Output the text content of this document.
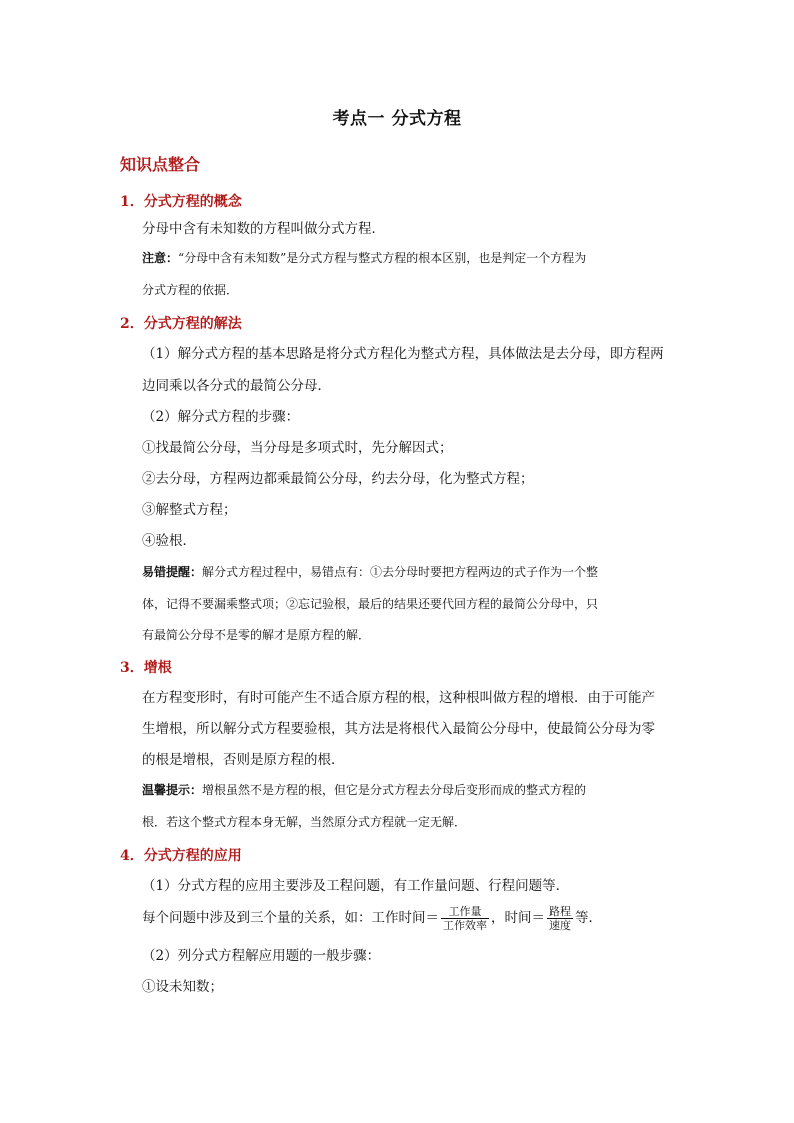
考点一 分式方程
知识点整合
1．分式方程的概念
分母中含有未知数的方程叫做分式方程．
注意：“分母中含有未知数”是分式方程与整式方程的根本区别，也是判定一个方程为
分式方程的依据．
2．分式方程的解法
（1）解分式方程的基本思路是将分式方程化为整式方程，具体做法是去分母，即方程两
边同乘以各分式的最简公分母．
（2）解分式方程的步骤：
①找最简公分母，当分母是多项式时，先分解因式；
②去分母，方程两边都乘最简公分母，约去分母，化为整式方程；
③解整式方程；
④验根．
易错提醒：解分式方程过程中，易错点有：①去分母时要把方程两边的式子作为一个整
体，记得不要漏乘整式项；②忘记验根，最后的结果还要代回方程的最简公分母中，只
有最简公分母不是零的解才是原方程的解．
3．增根
在方程变形时，有时可能产生不适合原方程的根，这种根叫做方程的增根．由于可能产
生增根，所以解分式方程要验根，其方法是将根代入最简公分母中，使最简公分母为零
的根是增根，否则是原方程的根．
温馨提示：增根虽然不是方程的根，但它是分式方程去分母后变形而成的整式方程的
根．若这个整式方程本身无解，当然原分式方程就一定无解．
4．分式方程的应用
（1）分式方程的应用主要涉及工程问题，有工作量问题、行程问题等．
每个问题中涉及到三个量的关系，如：工作时间＝ $\frac{\text{工作量}}{\text{工作效率}}$ ，时间＝ $\frac{\text{路程}}{\text{速度}}$ 等．
（2）列分式方程解应用题的一般步骤：
①设未知数；
